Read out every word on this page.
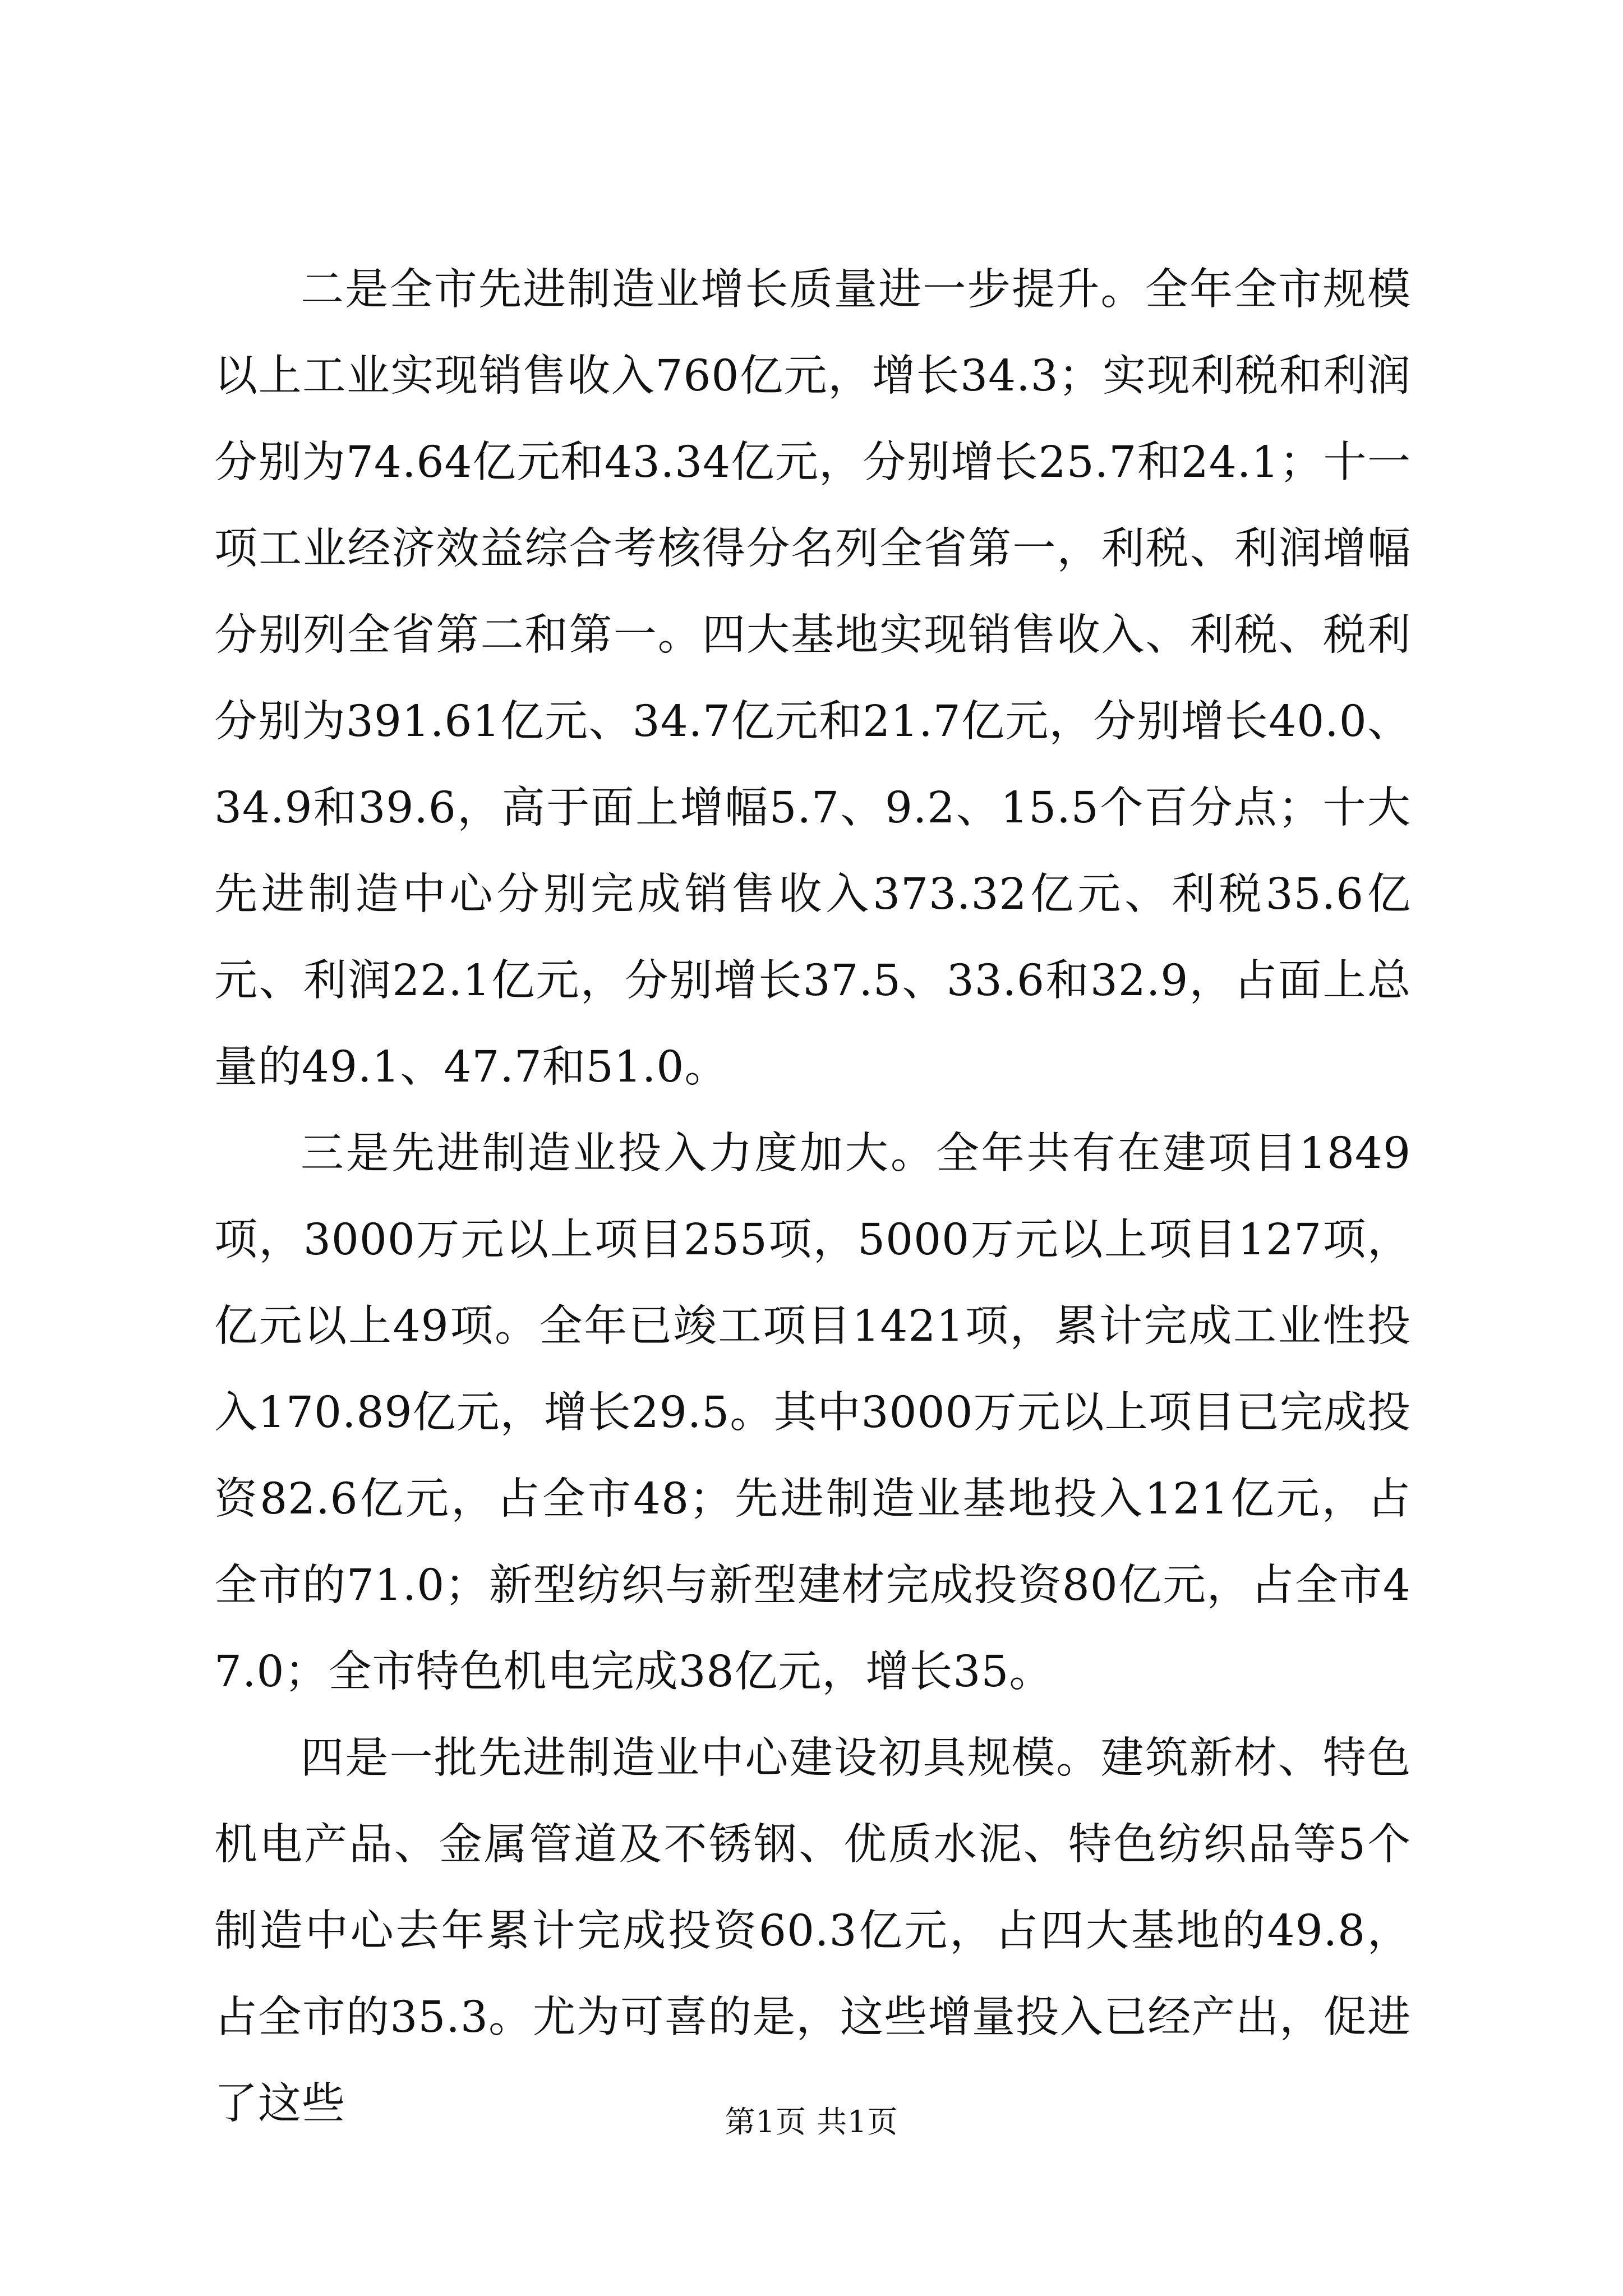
二是全市先进制造业增长质量进一步提升。全年全市规模以上工业实现销售收入760亿元，增长34.3；实现利税和利润分别为74.64亿元和43.34亿元，分别增长25.7和24.1；十一项工业经济效益综合考核得分名列全省第一，利税、利润增幅分别列全省第二和第一。四大基地实现销售收入、利税、税利分别为391.61亿元、34.7亿元和21.7亿元，分别增长40.0、34.9和39.6，高于面上增幅5.7、9.2、15.5个百分点；十大先进制造中心分别完成销售收入373.32亿元、利税35.6亿元、利润22.1亿元，分别增长37.5、33.6和32.9，占面上总量的49.1、47.7和51.0。

三是先进制造业投入力度加大。全年共有在建项目1849项，3000万元以上项目255项，5000万元以上项目127项，亿元以上49项。全年已竣工项目1421项，累计完成工业性投入170.89亿元，增长29.5。其中3000万元以上项目已完成投资82.6亿元，占全市48；先进制造业基地投入121亿元，占全市的71.0；新型纺织与新型建材完成投资80亿元，占全市47.0；全市特色机电完成38亿元，增长35。

四是一批先进制造业中心建设初具规模。建筑新材、特色机电产品、金属管道及不锈钢、优质水泥、特色纺织品等5个制造中心去年累计完成投资60.3亿元，占四大基地的49.8，占全市的35.3。尤为可喜的是，这些增量投入已经产出，促进了这些	第1页 共1页
